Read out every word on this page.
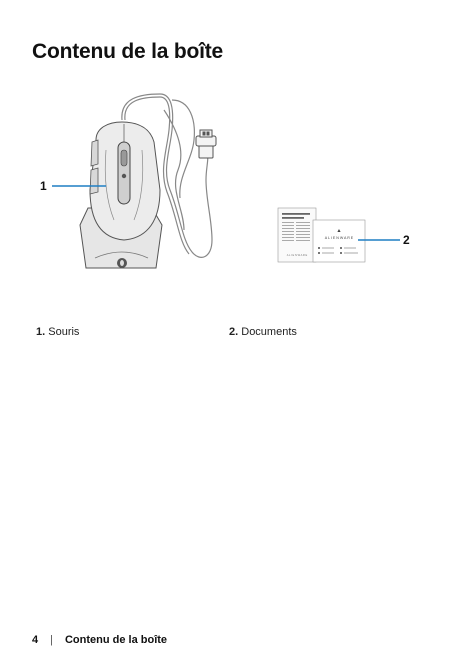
Contenu de la boîte
A L I E N W A R E
A L I E N W A R E
1
2
1. Souris	2. Documents
4 | Contenu de la boîte
